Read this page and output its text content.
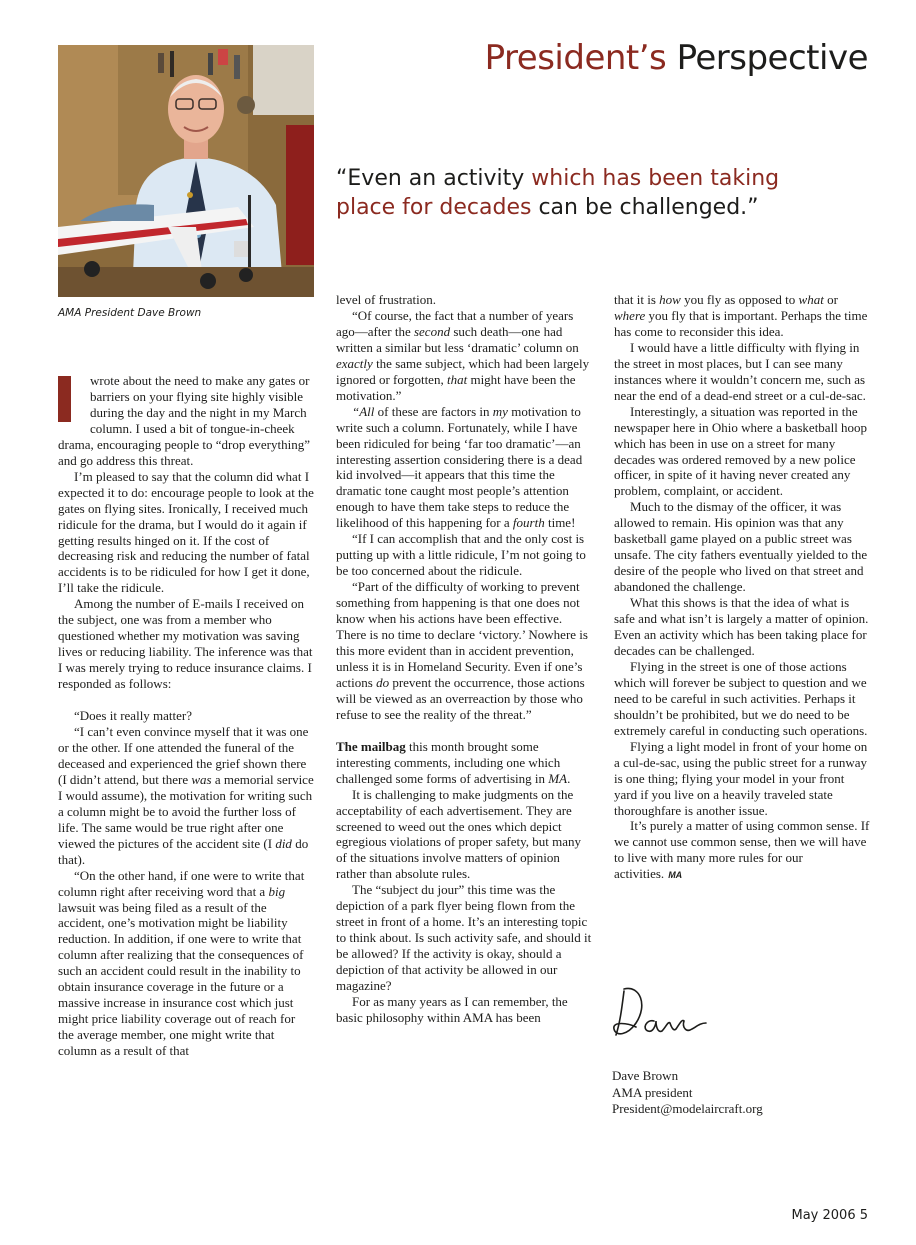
President’s Perspective
AMA President Dave Brown
“Even an activity which has been taking place for decades can be challenged.”

wrote about the need to make any gates or barriers on your flying site highly visible during the day and the night in my March column. I used a bit of tongue-in-cheek drama, encouraging people to “drop everything” and go address this threat.

I’m pleased to say that the column did what I expected it to do: encourage people to look at the gates on flying sites. Ironically, I received much ridicule for the drama, but I would do it again if getting results hinged on it. If the cost of decreasing risk and reducing the number of fatal accidents is to be ridiculed for how I get it done, I’ll take the ridicule.

Among the number of E-mails I received on the subject, one was from a member who questioned whether my motivation was saving lives or reducing liability. The inference was that I was merely trying to reduce insurance claims. I responded as follows:

“Does it really matter?

“I can’t even convince myself that it was one or the other. If one attended the funeral of the deceased and experienced the grief shown there (I didn’t attend, but there was a memorial service I would assume), the motivation for writing such a column might be to avoid the further loss of life. The same would be true right after one viewed the pictures of the accident site (I did do that).

“On the other hand, if one were to write that column right after receiving word that a big lawsuit was being filed as a result of the accident, one’s motivation might be liability reduction. In addition, if one were to write that column after realizing that the consequences of such an accident could result in the inability to obtain insurance coverage in the future or a massive increase in insurance cost which just might price liability coverage out of reach for the average member, one might write that column as a result of that

level of frustration.

“Of course, the fact that a number of years ago—after the second such death—one had written a similar but less ‘dramatic’ column on exactly the same subject, which had been largely ignored or forgotten, that might have been the motivation.”

“All of these are factors in my motivation to write such a column. Fortunately, while I have been ridiculed for being ‘far too dramatic’—an interesting assertion considering there is a dead kid involved—it appears that this time the dramatic tone caught most people’s attention enough to have them take steps to reduce the likelihood of this happening for a fourth time!

“If I can accomplish that and the only cost is putting up with a little ridicule, I’m not going to be too concerned about the ridicule.

“Part of the difficulty of working to prevent something from happening is that one does not know when his actions have been effective. There is no time to declare ‘victory.’ Nowhere is this more evident than in accident prevention, unless it is in Homeland Security. Even if one’s actions do prevent the occurrence, those actions will be viewed as an overreaction by those who refuse to see the reality of the threat.”

The mailbag this month brought some interesting comments, including one which challenged some forms of advertising in MA.

It is challenging to make judgments on the acceptability of each advertisement. They are screened to weed out the ones which depict egregious violations of proper safety, but many of the situations involve matters of opinion rather than absolute rules.

The “subject du jour” this time was the depiction of a park flyer being flown from the street in front of a home. It’s an interesting topic to think about. Is such activity safe, and should it be allowed? If the activity is okay, should a depiction of that activity be allowed in our magazine?

For as many years as I can remember, the basic philosophy within AMA has been

that it is how you fly as opposed to what or where you fly that is important. Perhaps the time has come to reconsider this idea.

I would have a little difficulty with flying in the street in most places, but I can see many instances where it wouldn’t concern me, such as near the end of a dead-end street or a cul-de-sac.

Interestingly, a situation was reported in the newspaper here in Ohio where a basketball hoop which has been in use on a street for many decades was ordered removed by a new police officer, in spite of it having never created any problem, complaint, or accident.

Much to the dismay of the officer, it was allowed to remain. His opinion was that any basketball game played on a public street was unsafe. The city fathers eventually yielded to the desire of the people who lived on that street and abandoned the challenge.

What this shows is that the idea of what is safe and what isn’t is largely a matter of opinion. Even an activity which has been taking place for decades can be challenged.

Flying in the street is one of those actions which will forever be subject to question and we need to be careful in such activities. Perhaps it shouldn’t be prohibited, but we do need to be extremely careful in conducting such operations.

Flying a light model in front of your home on a cul-de-sac, using the public street for a runway is one thing; flying your model in your front yard if you live on a heavily traveled state thoroughfare is another issue.

It’s purely a matter of using common sense. If we cannot use common sense, then we will have to live with many more rules for our activities. MA

Dave Brown
AMA president
President@modelaircraft.org
May 2006 5
